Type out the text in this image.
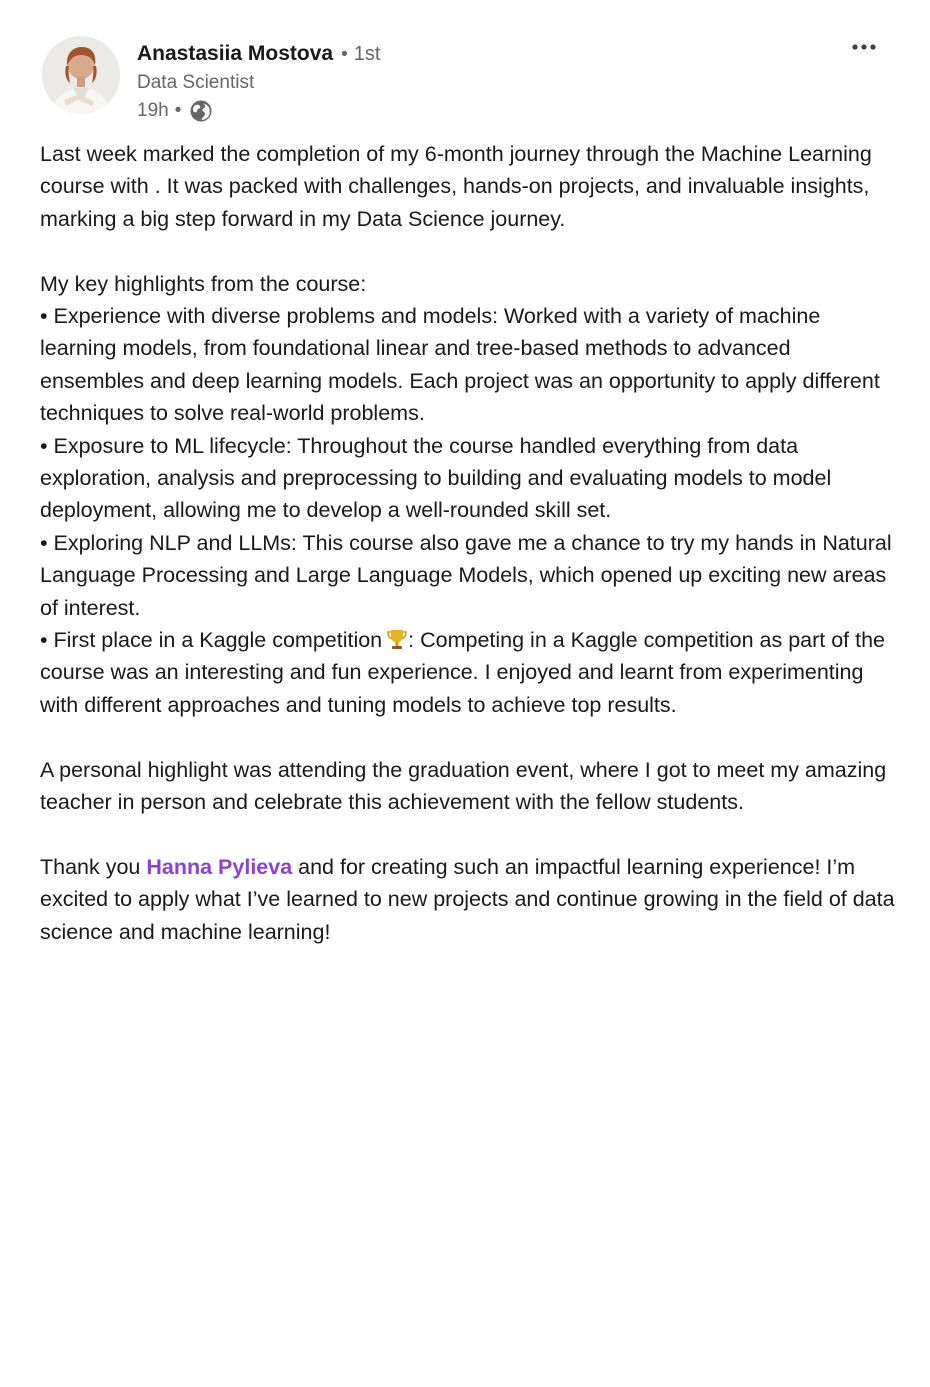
Anastasiia Mostova • 1st
Data Scientist
19h •

Last week marked the completion of my 6-month journey through the Machine Learning course with . It was packed with challenges, hands-on projects, and invaluable insights, marking a big step forward in my Data Science journey.

My key highlights from the course:

• Experience with diverse problems and models: Worked with a variety of machine learning models, from foundational linear and tree-based methods to advanced ensembles and deep learning models. Each project was an opportunity to apply different techniques to solve real-world problems.

• Exposure to ML lifecycle: Throughout the course handled everything from data exploration, analysis and preprocessing to building and evaluating models to model deployment, allowing me to develop a well-rounded skill set.

• Exploring NLP and LLMs: This course also gave me a chance to try my hands in Natural Language Processing and Large Language Models, which opened up exciting new areas of interest.

• First place in a Kaggle competition : Competing in a Kaggle competition as part of the course was an interesting and fun experience. I enjoyed and learnt from experimenting with different approaches and tuning models to achieve top results.

A personal highlight was attending the graduation event, where I got to meet my amazing teacher in person and celebrate this achievement with the fellow students.

Thank you Hanna Pylieva and for creating such an impactful learning experience! I’m excited to apply what I’ve learned to new projects and continue growing in the field of data science and machine learning!
